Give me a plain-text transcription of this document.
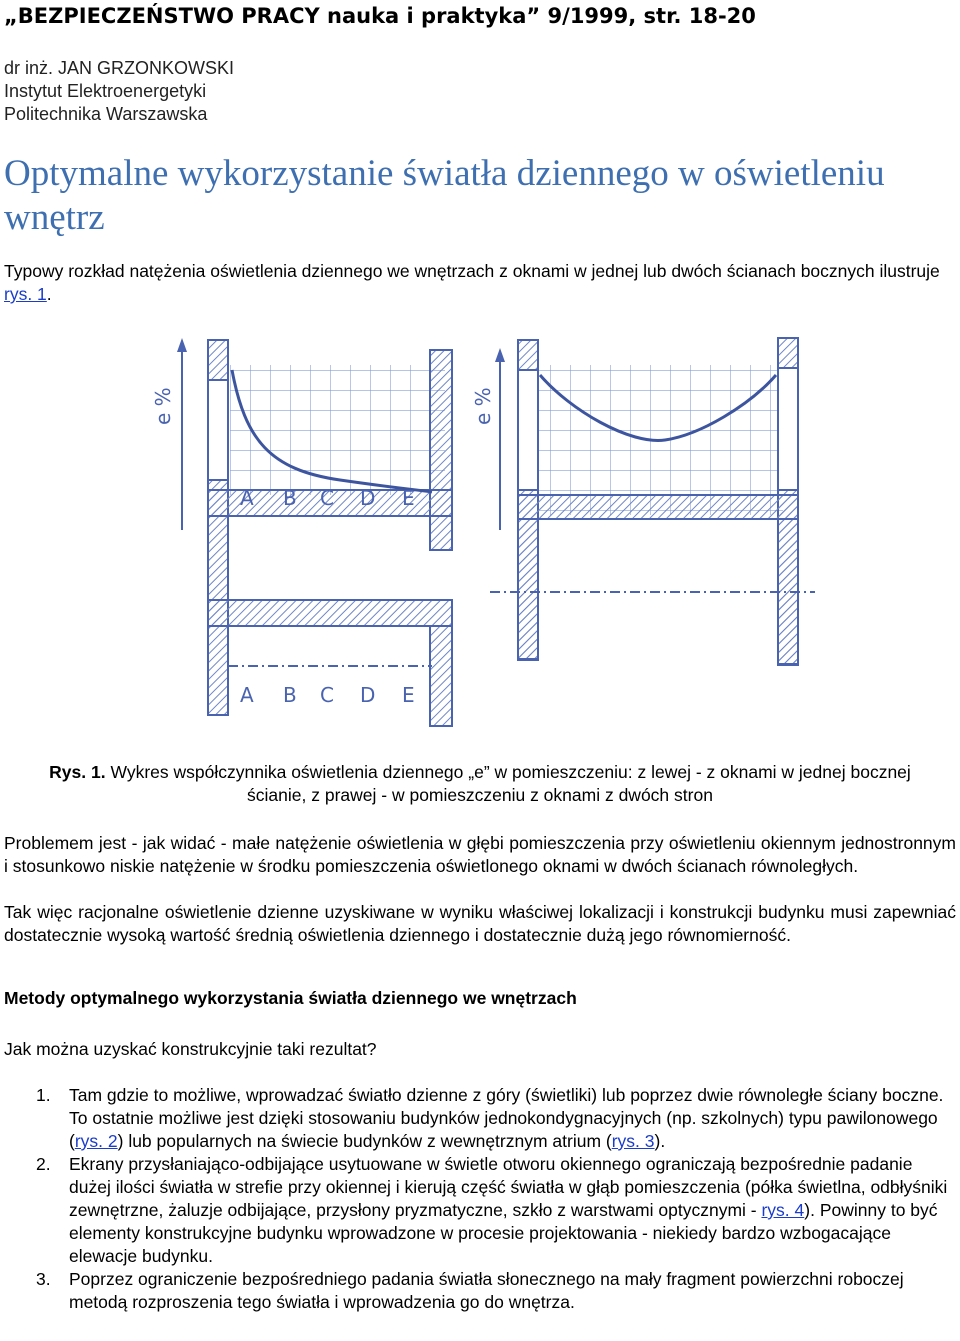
„BEZPIECZEŃSTWO PRACY nauka i praktyka” 9/1999, str. 18-20
dr inż. JAN GRZONKOWSKI
Instytut Elektroenergetyki
Politechnika Warszawska
Optymalne wykorzystanie światła dziennego w oświetleniu wnętrz
Typowy rozkład natężenia oświetlenia dziennego we wnętrzach z oknami w jednej lub dwóch ścianach bocznych ilustruje rys. 1.
e %
A B C D E
A B C D E
e %
Rys. 1. Wykres współczynnika oświetlenia dziennego „e” w pomieszczeniu: z lewej - z oknami w jednej bocznej ścianie, z prawej - w pomieszczeniu z oknami z dwóch stron
Problemem jest - jak widać - małe natężenie oświetlenia w głębi pomieszczenia przy oświetleniu okiennym jednostronnym i stosunkowo niskie natężenie w środku pomieszczenia oświetlonego oknami w dwóch ścianach równoległych.
Tak więc racjonalne oświetlenie dzienne uzyskiwane w wyniku właściwej lokalizacji i konstrukcji budynku musi zapewniać dostatecznie wysoką wartość średnią oświetlenia dziennego i dostatecznie dużą jego równomierność.
Metody optymalnego wykorzystania światła dziennego we wnętrzach
Jak można uzyskać konstrukcyjnie taki rezultat?
1. Tam gdzie to możliwe, wprowadzać światło dzienne z góry (świetliki) lub poprzez dwie równoległe ściany boczne. To ostatnie możliwe jest dzięki stosowaniu budynków jednokondygnacyjnych (np. szkolnych) typu pawilonowego (rys. 2) lub popularnych na świecie budynków z wewnętrznym atrium (rys. 3).
2. Ekrany przysłaniająco-odbijające usytuowane w świetle otworu okiennego ograniczają bezpośrednie padanie dużej ilości światła w strefie przy okiennej i kierują część światła w głąb pomieszczenia (półka świetlna, odbłyśniki zewnętrzne, żaluzje odbijające, przysłony pryzmatyczne, szkło z warstwami optycznymi - rys. 4). Powinny to być elementy konstrukcyjne budynku wprowadzone w procesie projektowania - niekiedy bardzo wzbogacające elewacje budynku.
3. Poprzez ograniczenie bezpośredniego padania światła słonecznego na mały fragment powierzchni roboczej metodą rozproszenia tego światła i wprowadzenia go do wnętrza.
